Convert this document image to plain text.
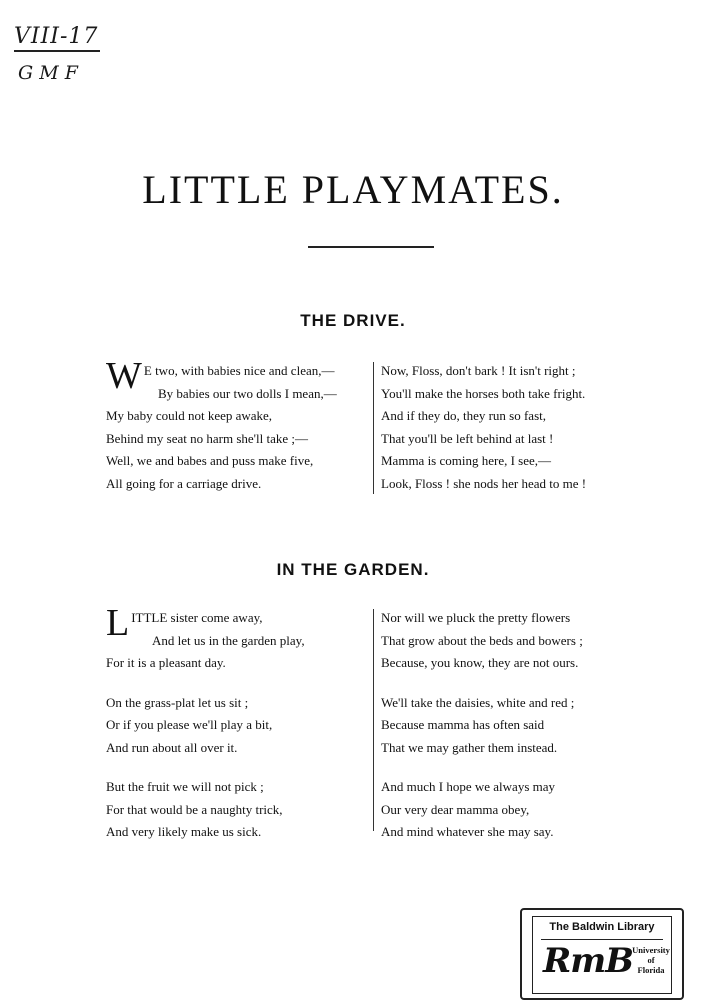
VIII-17
G M F
LITTLE PLAYMATES.
THE DRIVE.
W E two, with babies nice and clean,—
By babies our two dolls I mean,—
My baby could not keep awake,
Behind my seat no harm she'll take ;—
Well, we and babes and puss make five,
All going for a carriage drive.
Now, Floss, don't bark ! It isn't right ;
You'll make the horses both take fright.
And if they do, they run so fast,
That you'll be left behind at last !
Mamma is coming here, I see,—
Look, Floss ! she nods her head to me !
IN THE GARDEN.
LITTLE sister come away,
And let us in the garden play,
For it is a pleasant day.
On the grass-plat let us sit ;
Or if you please we'll play a bit,
And run about all over it.
But the fruit we will not pick ;
For that would be a naughty trick,
And very likely make us sick.
Nor will we pluck the pretty flowers
That grow about the beds and bowers ;
Because, you know, they are not ours.
We'll take the daisies, white and red ;
Because mamma has often said
That we may gather them instead.
And much I hope we always may
Our very dear mamma obey,
And mind whatever she may say.
The Baldwin Library
RmB University
of
Florida
